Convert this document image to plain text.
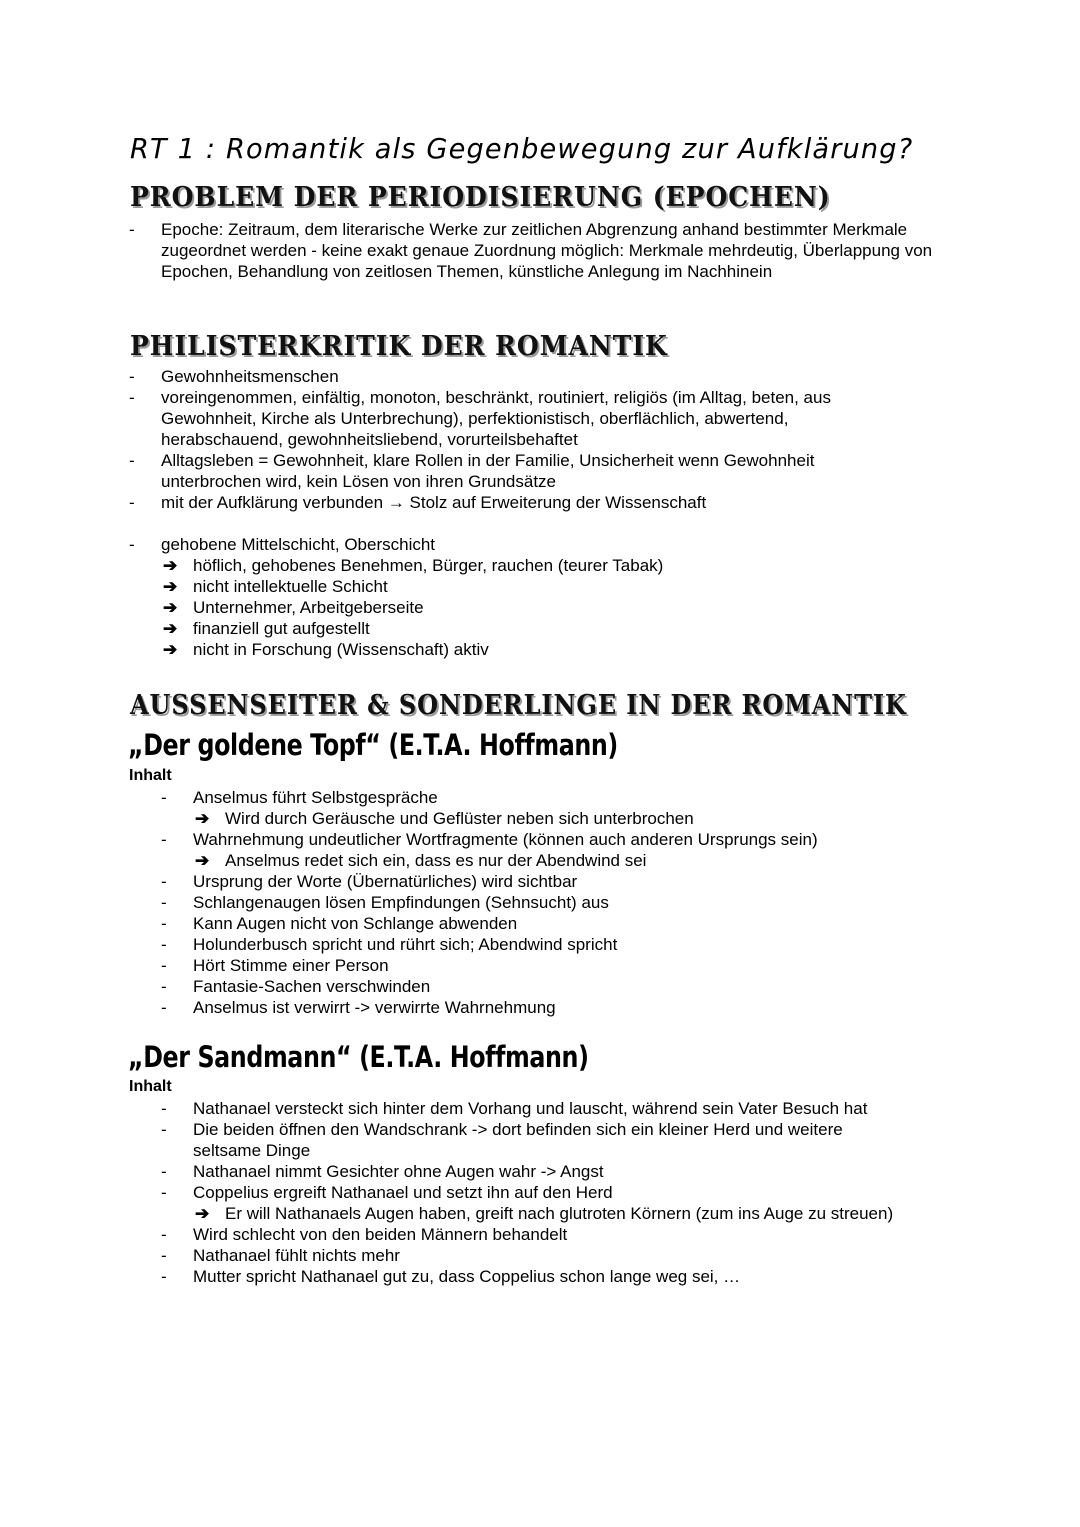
RT 1 : Romantik als Gegenbewegung zur Aufklärung?
PROBLEM DER PERIODISIERUNG (EPOCHEN)
- Epoche: Zeitraum, dem literarische Werke zur zeitlichen Abgrenzung anhand bestimmter Merkmale zugeordnet werden - keine exakt genaue Zuordnung möglich: Merkmale mehrdeutig, Überlappung von Epochen, Behandlung von zeitlosen Themen, künstliche Anlegung im Nachhinein
PHILISTERKRITIK DER ROMANTIK
- Gewohnheitsmenschen
- voreingenommen, einfältig, monoton, beschränkt, routiniert, religiös (im Alltag, beten, aus Gewohnheit, Kirche als Unterbrechung), perfektionistisch, oberflächlich, abwertend, herabschauend, gewohnheitsliebend, vorurteilsbehaftet
- Alltagsleben = Gewohnheit, klare Rollen in der Familie, Unsicherheit wenn Gewohnheit unterbrochen wird, kein Lösen von ihren Grundsätze
- mit der Aufklärung verbunden → Stolz auf Erweiterung der Wissenschaft
- gehobene Mittelschicht, Oberschicht
➔ höflich, gehobenes Benehmen, Bürger, rauchen (teurer Tabak)
➔ nicht intellektuelle Schicht
➔ Unternehmer, Arbeitgeberseite
➔ finanziell gut aufgestellt
➔ nicht in Forschung (Wissenschaft) aktiv
AUSSENSEITER & SONDERLINGE IN DER ROMANTIK
„Der goldene Topf“ (E.T.A. Hoffmann)
Inhalt
- Anselmus führt Selbstgespräche
➔ Wird durch Geräusche und Geflüster neben sich unterbrochen
- Wahrnehmung undeutlicher Wortfragmente (können auch anderen Ursprungs sein)
➔ Anselmus redet sich ein, dass es nur der Abendwind sei
- Ursprung der Worte (Übernatürliches) wird sichtbar
- Schlangenaugen lösen Empfindungen (Sehnsucht) aus
- Kann Augen nicht von Schlange abwenden
- Holunderbusch spricht und rührt sich; Abendwind spricht
- Hört Stimme einer Person
- Fantasie-Sachen verschwinden
- Anselmus ist verwirrt -> verwirrte Wahrnehmung
„Der Sandmann“ (E.T.A. Hoffmann)
Inhalt
- Nathanael versteckt sich hinter dem Vorhang und lauscht, während sein Vater Besuch hat
- Die beiden öffnen den Wandschrank -> dort befinden sich ein kleiner Herd und weitere seltsame Dinge
- Nathanael nimmt Gesichter ohne Augen wahr -> Angst
- Coppelius ergreift Nathanael und setzt ihn auf den Herd
➔ Er will Nathanaels Augen haben, greift nach glutroten Körnern (zum ins Auge zu streuen)
- Wird schlecht von den beiden Männern behandelt
- Nathanael fühlt nichts mehr
- Mutter spricht Nathanael gut zu, dass Coppelius schon lange weg sei, …
